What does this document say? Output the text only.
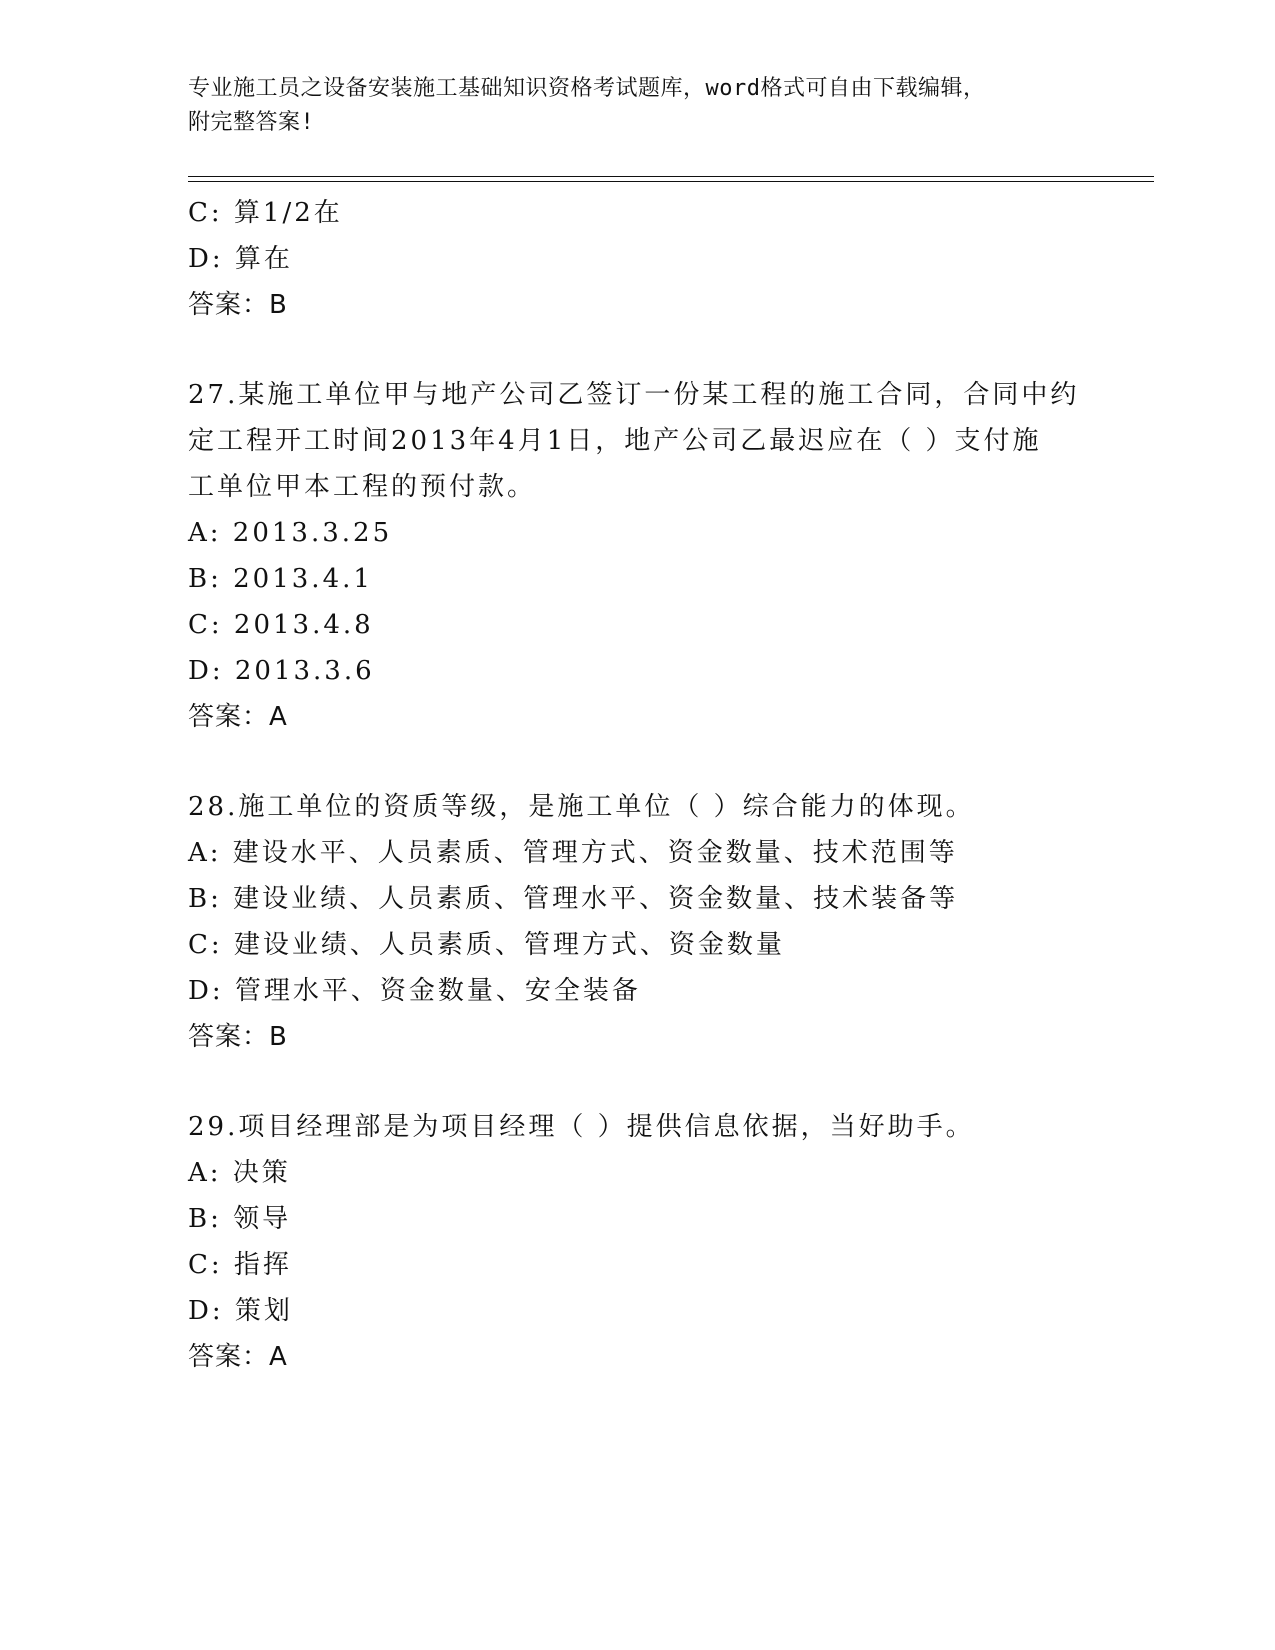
专业施工员之设备安装施工基础知识资格考试题库，word格式可自由下载编辑，
附完整答案!
C: 算1/2在
D: 算在
答案：B
27.某施工单位甲与地产公司乙签订一份某工程的施工合同，合同中约
定工程开工时间2013年4月1日，地产公司乙最迟应在（ ）支付施
工单位甲本工程的预付款。
A: 2013.3.25
B: 2013.4.1
C: 2013.4.8
D: 2013.3.6
答案：A
28.施工单位的资质等级，是施工单位（ ）综合能力的体现。
A: 建设水平、人员素质、管理方式、资金数量、技术范围等
B: 建设业绩、人员素质、管理水平、资金数量、技术装备等
C: 建设业绩、人员素质、管理方式、资金数量
D: 管理水平、资金数量、安全装备
答案：B
29.项目经理部是为项目经理（ ）提供信息依据，当好助手。
A: 决策
B: 领导
C: 指挥
D: 策划
答案：A
